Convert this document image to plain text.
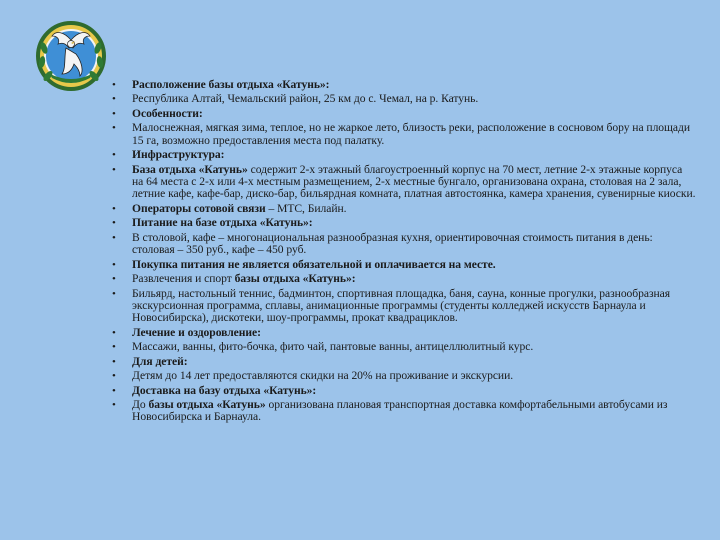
• Расположение базы отдыха «Катунь»:
• Республика Алтай, Чемальский район, 25 км до с. Чемал, на р. Катунь.
• Особенности:
• Малоснежная, мягкая зима, теплое, но не жаркое лето, близость реки, расположение в сосновом бору на площади 15 га, возможно предоставления места под палатку.
• Инфраструктура:
• База отдыха «Катунь» содержит 2-х этажный благоустроенный корпус на 70 мест, летние 2-х этажные корпуса на 64 места с 2-х или 4-х местным размещением, 2-х местные бунгало, организована охрана, столовая на 2 зала, летние кафе, кафе-бар, диско-бар, бильярдная комната, платная автостоянка, камера хранения, сувенирные киоски.
• Операторы сотовой связи – МТС, Билайн.
• Питание на базе отдыха «Катунь»:
• В столовой, кафе – многонациональная разнообразная кухня, ориентировочная стоимость питания в день: столовая – 350 руб., кафе – 450 руб.
• Покупка питания не является обязательной и оплачивается на месте.
• Развлечения и спорт базы отдыха «Катунь»:
• Бильярд, настольный теннис, бадминтон, спортивная площадка, баня, сауна, конные прогулки, разнообразная экскурсионная программа, сплавы, анимационные программы (студенты колледжей искусств Барнаула и Новосибирска), дискотеки, шоу-программы, прокат квадрациклов.
• Лечение и оздоровление:
• Массажи, ванны, фито-бочка, фито чай, пантовые ванны, антицеллюлитный курс.
• Для детей:
• Детям до 14 лет предоставляются скидки на 20% на проживание и экскурсии.
• Доставка на базу отдыха «Катунь»:
• До базы отдыха «Катунь» организована плановая транспортная доставка комфортабельными автобусами из Новосибирска и Барнаула.
